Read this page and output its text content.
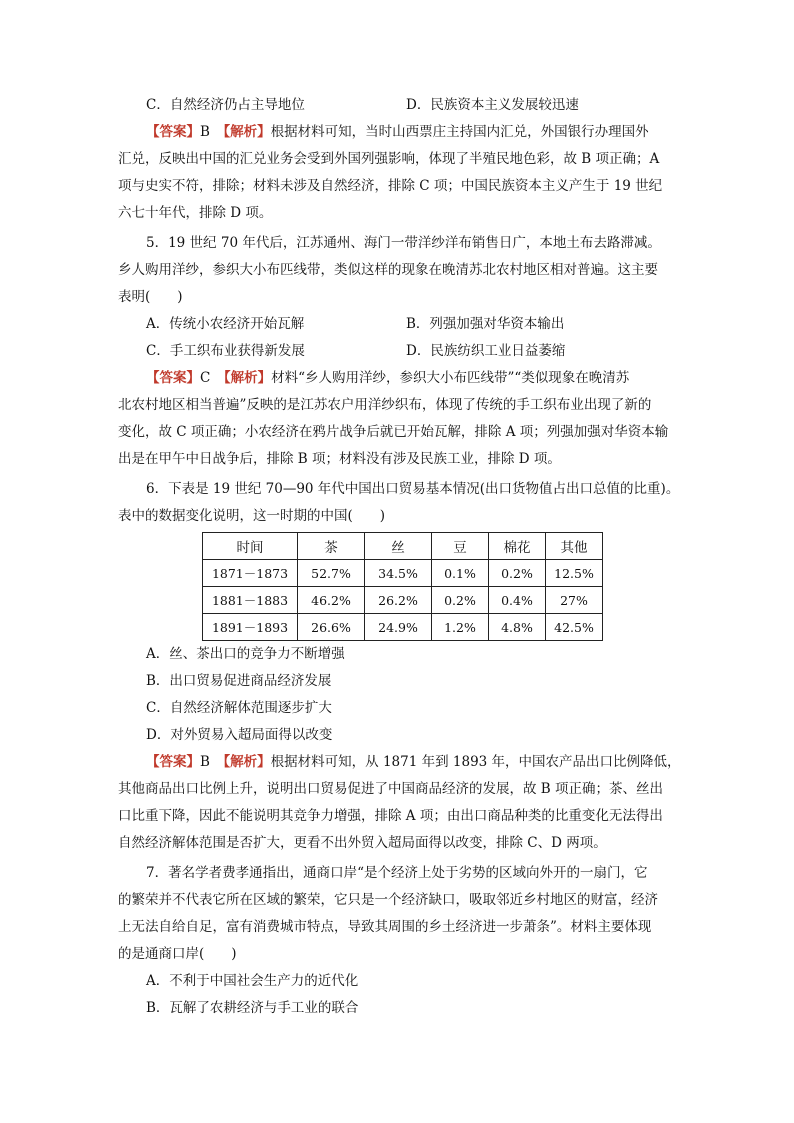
C．自然经济仍占主导地位	D．民族资本主义发展较迅速
【答案】B　 【解析】根据材料可知，当时山西票庄主持国内汇兑，外国银行办理国外
汇兑，反映出中国的汇兑业务会受到外国列强影响，体现了半殖民地色彩，故 B 项正确；A
项与史实不符，排除；材料未涉及自然经济，排除 C 项；中国民族资本主义产生于 19 世纪
六七十年代，排除 D 项。
5．19 世纪 70 年代后，江苏通州、海门一带洋纱洋布销售日广，本地土布去路滞减。
乡人购用洋纱，参织大小布匹线带，类似这样的现象在晚清苏北农村地区相对普遍。这主要
表明(　　)
A．传统小农经济开始瓦解	B．列强加强对华资本输出
C．手工织布业获得新发展	D．民族纺织工业日益萎缩
【答案】C　 【解析】材料“乡人购用洋纱，参织大小布匹线带”“类似现象在晚清苏
北农村地区相当普遍”反映的是江苏农户用洋纱织布，体现了传统的手工织布业出现了新的
变化，故 C 项正确；小农经济在鸦片战争后就已开始瓦解，排除 A 项；列强加强对华资本输
出是在甲午中日战争后，排除 B 项；材料没有涉及民族工业，排除 D 项。
6．下表是 19 世纪 70—90 年代中国出口贸易基本情况(出口货物值占出口总值的比重)。
表中的数据变化说明，这一时期的中国(　　)
时间	茶	丝	豆	棉花	其他
1871－1873	52.7%	34.5%	0.1%	0.2%	12.5%
1881－1883	46.2%	26.2%	0.2%	0.4%	27%
1891－1893	26.6%	24.9%	1.2%	4.8%	42.5%
A．丝、茶出口的竞争力不断增强
B．出口贸易促进商品经济发展
C．自然经济解体范围逐步扩大
D．对外贸易入超局面得以改变
【答案】B　 【解析】根据材料可知，从 1871 年到 1893 年，中国农产品出口比例降低，
其他商品出口比例上升，说明出口贸易促进了中国商品经济的发展，故 B 项正确；茶、丝出
口比重下降，因此不能说明其竞争力增强，排除 A 项；由出口商品种类的比重变化无法得出
自然经济解体范围是否扩大，更看不出外贸入超局面得以改变，排除 C、D 两项。
7．著名学者费孝通指出，通商口岸“是个经济上处于劣势的区域向外开的一扇门，它
的繁荣并不代表它所在区域的繁荣，它只是一个经济缺口，吸取邻近乡村地区的财富，经济
上无法自给自足，富有消费城市特点，导致其周围的乡土经济进一步萧条”。材料主要体现
的是通商口岸(　　)
A．不利于中国社会生产力的近代化
B．瓦解了农耕经济与手工业的联合
